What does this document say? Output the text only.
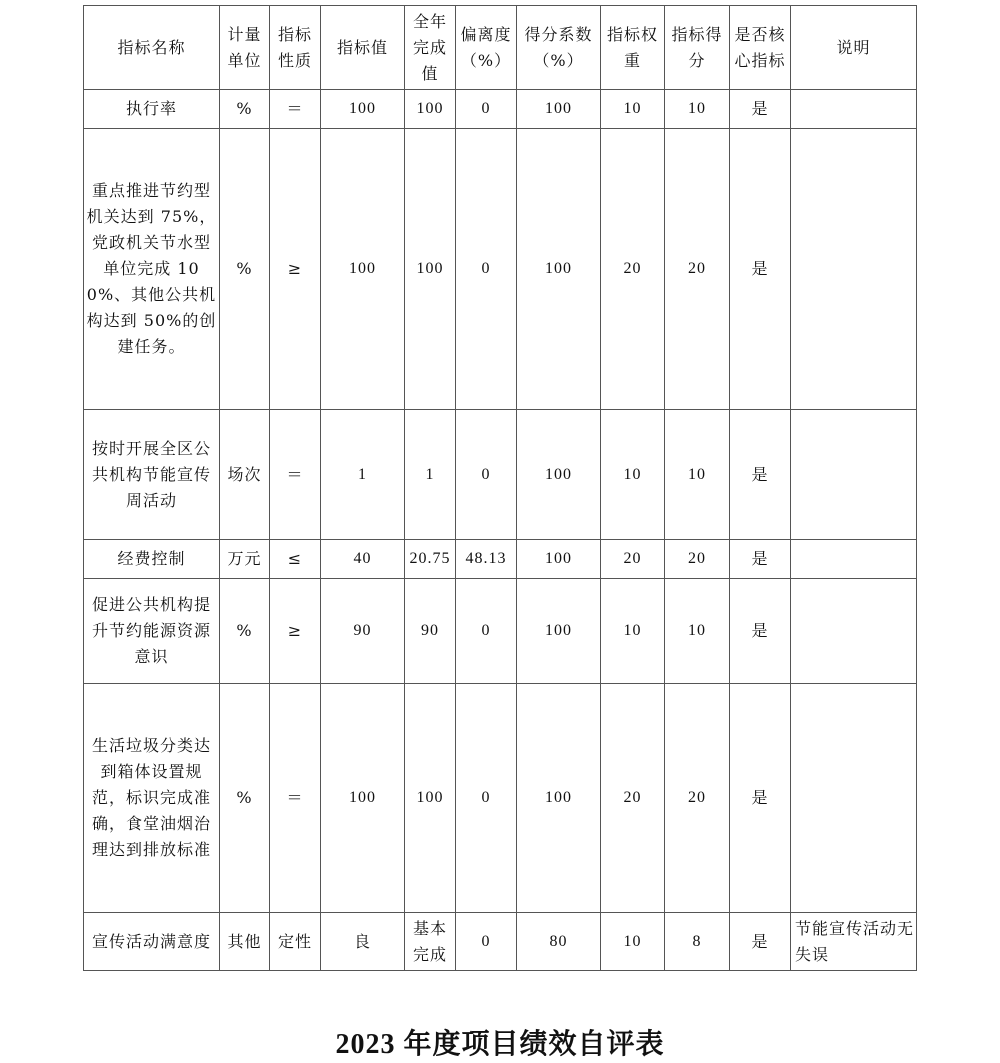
指标名称	计量单位	指标性质	指标值	全年完成值	偏离度（%）	得分系数（%）	指标权重	指标得分	是否核心指标	说明
执行率	%	＝	100	100	0	100	10	10	是	
重点推进节约型机关达到 75%，党政机关节水型单位完成 100%、其他公共机构达到 50%的创建任务。	%	≥	100	100	0	100	20	20	是	
按时开展全区公共机构节能宣传周活动	场次	＝	1	1	0	100	10	10	是	
经费控制	万元	≤	40	20.75	48.13	100	20	20	是	
促进公共机构提升节约能源资源意识	%	≥	90	90	0	100	10	10	是	
生活垃圾分类达到箱体设置规范，标识完成准确，食堂油烟治理达到排放标准	%	＝	100	100	0	100	20	20	是	
宣传活动满意度	其他	定性	良	基本完成	0	80	10	8	是	节能宣传活动无失误
2023 年度项目绩效自评表
